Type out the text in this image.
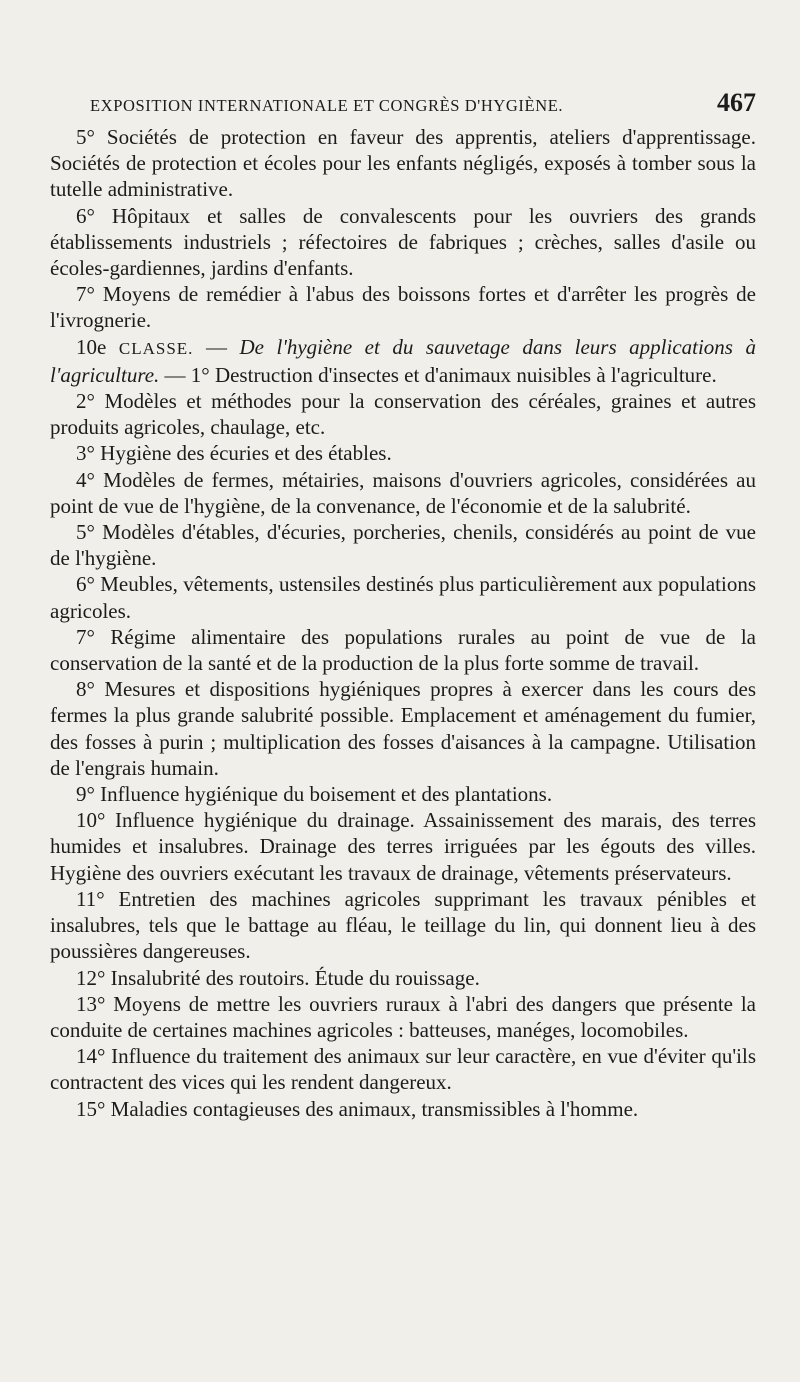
EXPOSITION INTERNATIONALE ET CONGRÈS D'HYGIÈNE.	467

5° Sociétés de protection en faveur des apprentis, ateliers d'apprentissage. Sociétés de protection et écoles pour les enfants négligés, exposés à tomber sous la tutelle administrative.

6° Hôpitaux et salles de convalescents pour les ouvriers des grands établissements industriels ; réfectoires de fabriques ; crèches, salles d'asile ou écoles-gardiennes, jardins d'enfants.

7° Moyens de remédier à l'abus des boissons fortes et d'arrêter les progrès de l'ivrognerie.

10e CLASSE. — De l'hygiène et du sauvetage dans leurs applications à l'agriculture. — 1° Destruction d'insectes et d'animaux nuisibles à l'agriculture.

2° Modèles et méthodes pour la conservation des céréales, graines et autres produits agricoles, chaulage, etc.

3° Hygiène des écuries et des étables.

4° Modèles de fermes, métairies, maisons d'ouvriers agricoles, considérées au point de vue de l'hygiène, de la convenance, de l'économie et de la salubrité.

5° Modèles d'étables, d'écuries, porcheries, chenils, considérés au point de vue de l'hygiène.

6° Meubles, vêtements, ustensiles destinés plus particulièrement aux populations agricoles.

7° Régime alimentaire des populations rurales au point de vue de la conservation de la santé et de la production de la plus forte somme de travail.

8° Mesures et dispositions hygiéniques propres à exercer dans les cours des fermes la plus grande salubrité possible. Emplacement et aménagement du fumier, des fosses à purin ; multiplication des fosses d'aisances à la campagne. Utilisation de l'engrais humain.

9° Influence hygiénique du boisement et des plantations.

10° Influence hygiénique du drainage. Assainissement des marais, des terres humides et insalubres. Drainage des terres irriguées par les égouts des villes. Hygiène des ouvriers exécutant les travaux de drainage, vêtements préservateurs.

11° Entretien des machines agricoles supprimant les travaux pénibles et insalubres, tels que le battage au fléau, le teillage du lin, qui donnent lieu à des poussières dangereuses.

12° Insalubrité des routoirs. Étude du rouissage.

13° Moyens de mettre les ouvriers ruraux à l'abri des dangers que présente la conduite de certaines machines agricoles : batteuses, manéges, locomobiles.

14° Influence du traitement des animaux sur leur caractère, en vue d'éviter qu'ils contractent des vices qui les rendent dangereux.

15° Maladies contagieuses des animaux, transmissibles à l'homme.
